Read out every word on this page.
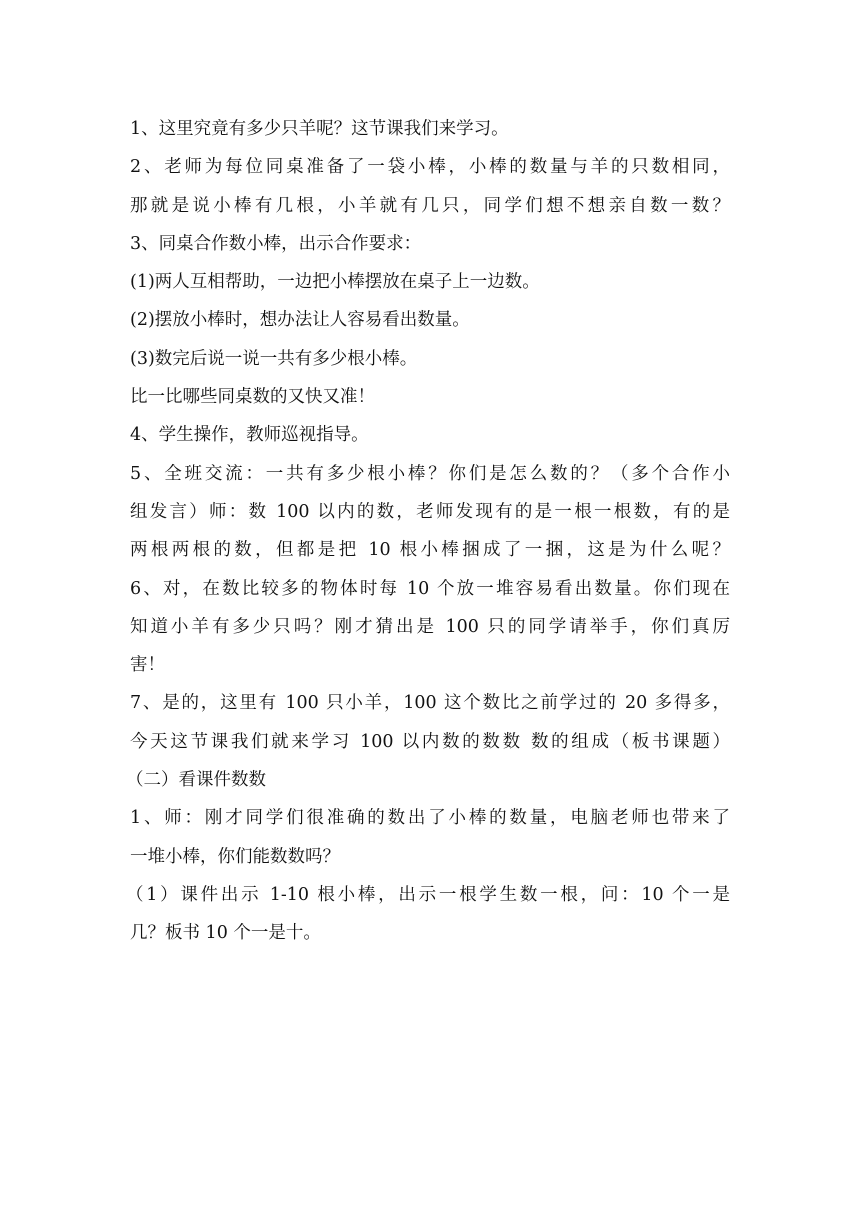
1、这里究竟有多少只羊呢？这节课我们来学习。
2、老师为每位同桌准备了一袋小棒，小棒的数量与羊的只数相同，
那就是说小棒有几根，小羊就有几只，同学们想不想亲自数一数？
3、同桌合作数小棒，出示合作要求：
(1)两人互相帮助，一边把小棒摆放在桌子上一边数。
(2)摆放小棒时，想办法让人容易看出数量。
(3)数完后说一说一共有多少根小棒。
比一比哪些同桌数的又快又准！
4、学生操作，教师巡视指导。
5、全班交流：一共有多少根小棒？你们是怎么数的？（多个合作小
组发言）师：数 100 以内的数，老师发现有的是一根一根数，有的是
两根两根的数，但都是把 10 根小棒捆成了一捆，这是为什么呢？
6、对，在数比较多的物体时每 10 个放一堆容易看出数量。你们现在
知道小羊有多少只吗？刚才猜出是 100 只的同学请举手，你们真厉
害！
7、是的，这里有 100 只小羊，100 这个数比之前学过的 20 多得多，
今天这节课我们就来学习 100 以内数的数数 数的组成（板书课题）
（二）看课件数数
1、师：刚才同学们很准确的数出了小棒的数量，电脑老师也带来了
一堆小棒，你们能数数吗？
（1）课件出示 1-10 根小棒，出示一根学生数一根，问：10 个一是
几？板书 10 个一是十。
